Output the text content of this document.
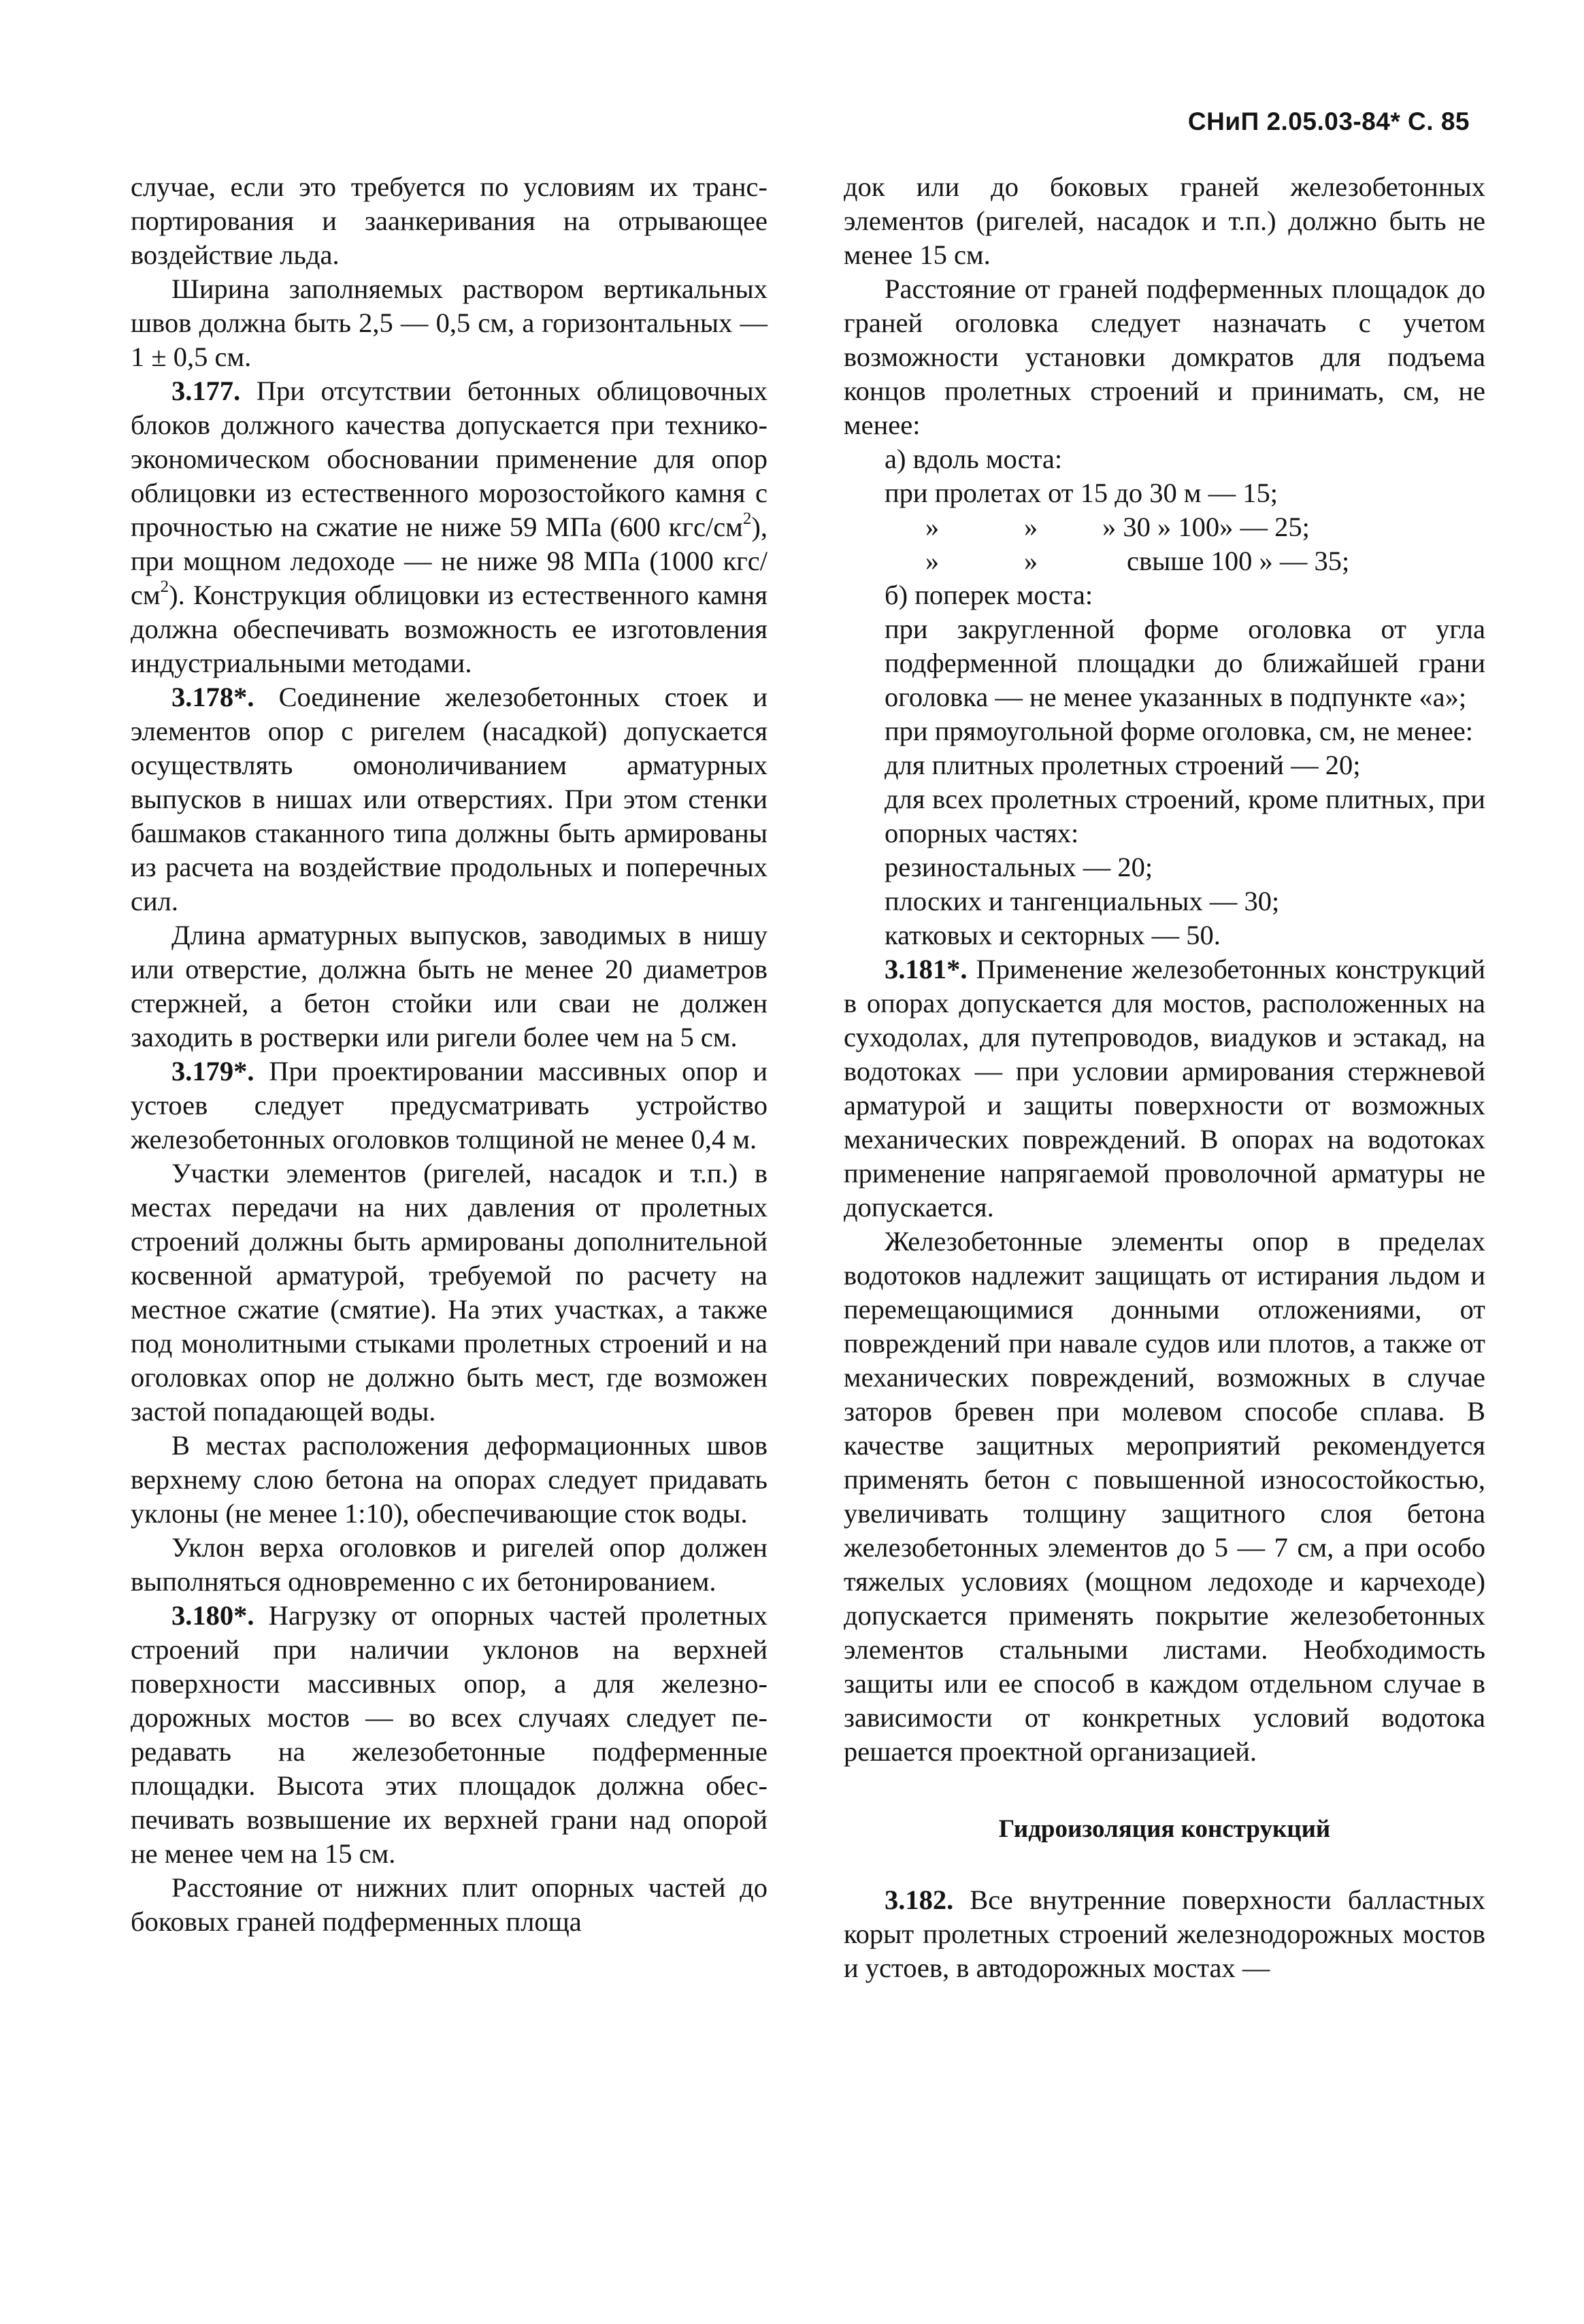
СНиП 2.05.03-84* С. 85

случае, если это требуется по условиям их транспортирования и заанкеривания на отрывающее воздействие льда.

Ширина заполняемых раствором вертикальных швов должна быть 2,5 — 0,5 см, а горизонтальных — 1 ± 0,5 см.

3.177. При отсутствии бетонных облицовочных блоков должного качества допускается при технико-экономическом обосновании применение для опор облицовки из естественного морозостойкого камня с прочностью на сжатие не ниже 59 МПа (600 кгс/$см^2$), при мощном ледоходе — не ниже 98 МПа (1000 кгс/$см^2$). Конструкция облицовки из естественного камня должна обеспечивать возможность ее изготовления индустриальными методами.

3.178*. Соединение железобетонных стоек и элементов опор с ригелем (насадкой) допускается осуществлять омоноличиванием арматурных выпусков в нишах или отверстиях. При этом стенки башмаков стаканного типа должны быть армированы из расчета на воздействие продольных и поперечных сил.

Длина арматурных выпусков, заводимых в нишу или отверстие, должна быть не менее 20 диаметров стержней, а бетон стойки или сваи не должен заходить в ростверки или ригели более чем на 5 см.

3.179*. При проектировании массивных опор и устоев следует предусматривать устройство железобетонных оголовков толщиной не менее 0,4 м.

Участки элементов (ригелей, насадок и т.п.) в местах передачи на них давления от пролетных строений должны быть армированы дополнительной косвенной арматурой, требуемой по расчету на местное сжатие (смятие). На этих участках, а также под монолитными стыками пролетных строений и на оголовках опор не должно быть мест, где возможен застой попадающей воды.

В местах расположения деформационных швов верхнему слою бетона на опорах следует придавать уклоны (не менее 1:10), обеспечивающие сток воды.

Уклон верха оголовков и ригелей опор должен выполняться одновременно с их бетонированием.

3.180*. Нагрузку от опорных частей пролетных строений при наличии уклонов на верхней поверхности массивных опор, а для железнодорожных мостов — во всех случаях следует передавать на железобетонные подферменные площадки. Высота этих площадок должна обеспечивать возвышение их верхней грани над опорой не менее чем на 15 см.

Расстояние от нижних плит опорных частей до боковых граней подферменных площа

док или до боковых граней железобетонных элементов (ригелей, насадок и т.п.) должно быть не менее 15 см.

Расстояние от граней подферменных площадок до граней оголовка следует назначать с учетом возможности установки домкратов для подъема концов пролетных строений и принимать, см, не менее:

а) вдоль моста:

при пролетах от 15 до 30 м — 15;

»	» » 30 » 100» — 25;

»	»	свыше 100 » — 35;

б) поперек моста:

при закругленной форме оголовка от угла подферменной площадки до ближайшей грани оголовка — не менее указанных в подпункте «а»;

при прямоугольной форме оголовка, см, не менее:

для плитных пролетных строений — 20;

для всех пролетных строений, кроме плитных, при опорных частях:

резиностальных — 20;

плоских и тангенциальных — 30;

катковых и секторных — 50.

3.181*. Применение железобетонных конструкций в опорах допускается для мостов, расположенных на суходолах, для путепроводов, виадуков и эстакад, на водотоках — при условии армирования стержневой арматурой и защиты поверхности от возможных механических повреждений. В опорах на водотоках применение напрягаемой проволочной арматуры не допускается.

Железобетонные элементы опор в пределах водотоков надлежит защищать от истирания льдом и перемещающимися донными отложениями, от повреждений при навале судов или плотов, а также от механических повреждений, возможных в случае заторов бревен при молевом способе сплава. В качестве защитных мероприятий рекомендуется применять бетон с повышенной износостойкостью, увеличивать толщину защитного слоя бетона железобетонных элементов до 5 — 7 см, а при особо тяжелых условиях (мощном ледоходе и карчеходе) допускается применять покрытие железобетонных элементов стальными листами. Необходимость защиты или ее способ в каждом отдельном случае в зависимости от конкретных условий водотока решается проектной организацией.

Гидроизоляция конструкций

3.182. Все внутренние поверхности балластных корыт пролетных строений железнодорожных мостов и устоев, в автодорожных мостах —
